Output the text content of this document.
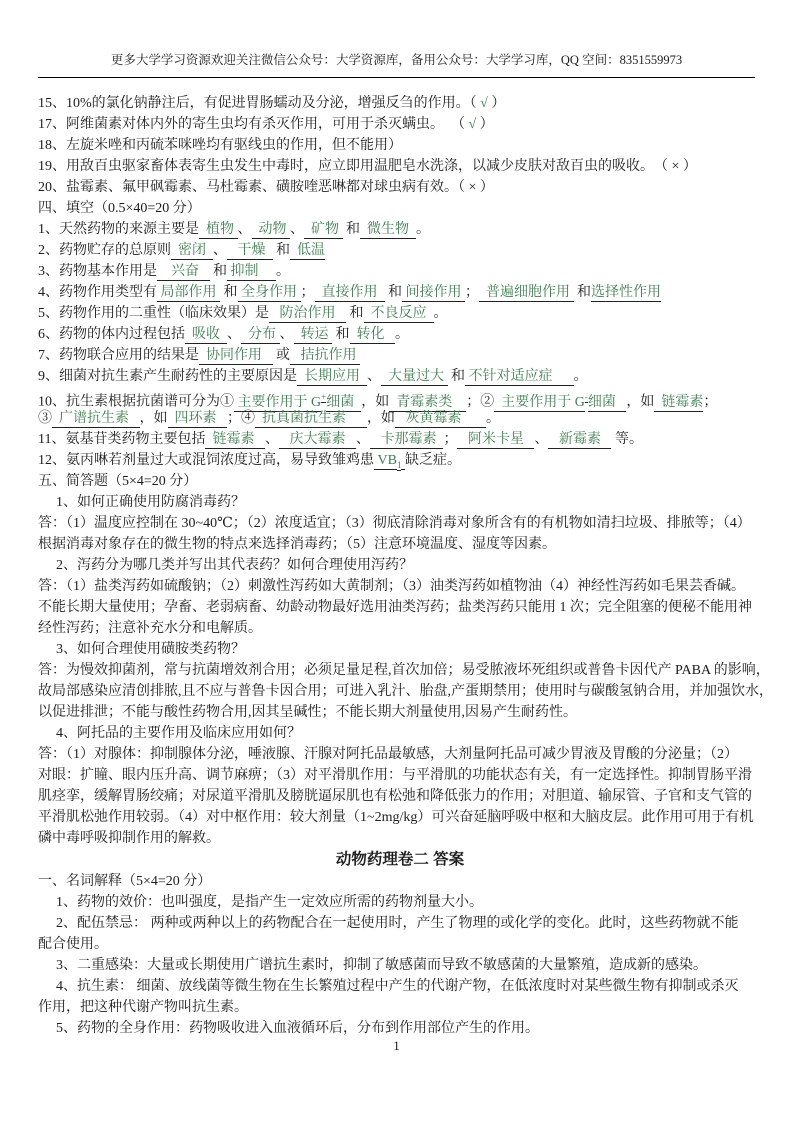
更多大学学习资源欢迎关注微信公众号：大学资源库，备用公众号：大学学习库，QQ 空间：8351559973
15、10%的氯化钠静注后，有促进胃肠蠕动及分泌，增强反刍的作用。（ √ ）
17、阿维菌素对体内外的寄生虫均有杀灭作用，可用于杀灭螨虫。  （ √ ）
18、左旋米唑和丙硫苯咪唑均有驱线虫的作用，但不能用）
19、用敌百虫驱家畜体表寄生虫发生中毒时，应立即用温肥皂水洗涤，以减少皮肤对敌百虫的吸收。　（ × ）
20、盐霉素、氟甲砜霉素、马杜霉素、磺胺喹恶啉都对球虫病有效。（ × ）
四、填空（0.5×40=20 分）
1、天然药物的来源主要是  植物 、  动物 、  矿物  和  微生物  。
2、药物贮存的总原则  密闭  、   干燥   和  低温
3、药物基本作用是    兴奋    和 抑制     。
4、药物作用类型有 局部作用  和 全身作用 ；  直接作用   和 间接作用 ；  普遍细胞作用  和选择性作用
5、药物作用的二重性（临床效果）是   防治作用    和  不良反应  。
6、药物的体内过程包括  吸收  、  分布 、  转运  和  转化   。
7、药物联合应用的结果是  协同作用    或   拮抗作用
9、细菌对抗生素产生耐药性的主要原因是  长期应用  、  大量过大  和 不针对适应症      。
10、抗生素根据抗菌谱可分为① 主要作用于 G+细菌  ，如  青霉素类    ；②  主要作用于 G-细菌   ，如  链霉素；
③  广谱抗生素   ，如  四环素   ；④  抗真菌抗生素      ，如   灰黄霉素       。
11、氨基苷类药物主要包括  链霉素   、   庆大霉素   、   卡那霉素  ；   阿米卡星   、   新霉素    等。
12、氨丙啉若剂量过大或混饲浓度过高，易导致雏鸡患 $VB_1$ 缺乏症。
五、简答题（5×4=20 分）
1、如何正确使用防腐消毒药？
答：（1）温度应控制在 30~40℃；（2）浓度适宜；（3）彻底清除消毒对象所含有的有机物如清扫垃圾、排脓等；（4）
根据消毒对象存在的微生物的特点来选择消毒药；（5）注意环境温度、湿度等因素。
2、泻药分为哪几类并写出其代表药？如何合理使用泻药？
答：（1）盐类泻药如硫酸钠；（2）刺激性泻药如大黄制剂；（3）油类泻药如植物油（4）神经性泻药如毛果芸香碱。
不能长期大量使用；孕畜、老弱病畜、幼龄动物最好选用油类泻药；盐类泻药只能用 1 次；完全阻塞的便秘不能用神
经性泻药；注意补充水分和电解质。
3、如何合理使用磺胺类药物？
答：为慢效抑菌剂，常与抗菌增效剂合用；必须足量足程,首次加倍；易受脓液坏死组织或普鲁卡因代产 PABA 的影响，
故局部感染应清创排脓,且不应与普鲁卡因合用；可进入乳汁、胎盘,产蛋期禁用；使用时与碳酸氢钠合用，并加强饮水，
以促进排泄；不能与酸性药物合用,因其呈碱性；不能长期大剂量使用,因易产生耐药性。
4、阿托品的主要作用及临床应用如何？
答：（1）对腺体：抑制腺体分泌，唾液腺、汗腺对阿托品最敏感，大剂量阿托品可减少胃液及胃酸的分泌量；（2）
对眼：扩瞳、眼内压升高、调节麻痹；（3）对平滑肌作用：与平滑肌的功能状态有关，有一定选择性。抑制胃肠平滑
肌痉挛，缓解胃肠绞痛；对尿道平滑肌及膀胱逼尿肌也有松弛和降低张力的作用；对胆道、输尿管、子官和支气管的
平滑肌松弛作用较弱。（4）对中枢作用：较大剂量（1~2mg/kg）可兴奋延脑呼吸中枢和大脑皮层。此作用可用于有机
磷中毒呼吸抑制作用的解救。
动物药理卷二 答案
一、名词解释（5×4=20 分）
1、药物的效价：也叫强度，是指产生一定效应所需的药物剂量大小。
2、配伍禁忌： 两种或两种以上的药物配合在一起使用时，产生了物理的或化学的变化。此时，这些药物就不能
配合使用。
3、二重感染：大量或长期使用广谱抗生素时，抑制了敏感菌而导致不敏感菌的大量繁殖，造成新的感染。
4、抗生素： 细菌、放线菌等微生物在生长繁殖过程中产生的代谢产物，在低浓度时对某些微生物有抑制或杀灭
作用，把这种代谢产物叫抗生素。
5、药物的全身作用：药物吸收进入血液循环后，分布到作用部位产生的作用。
1
